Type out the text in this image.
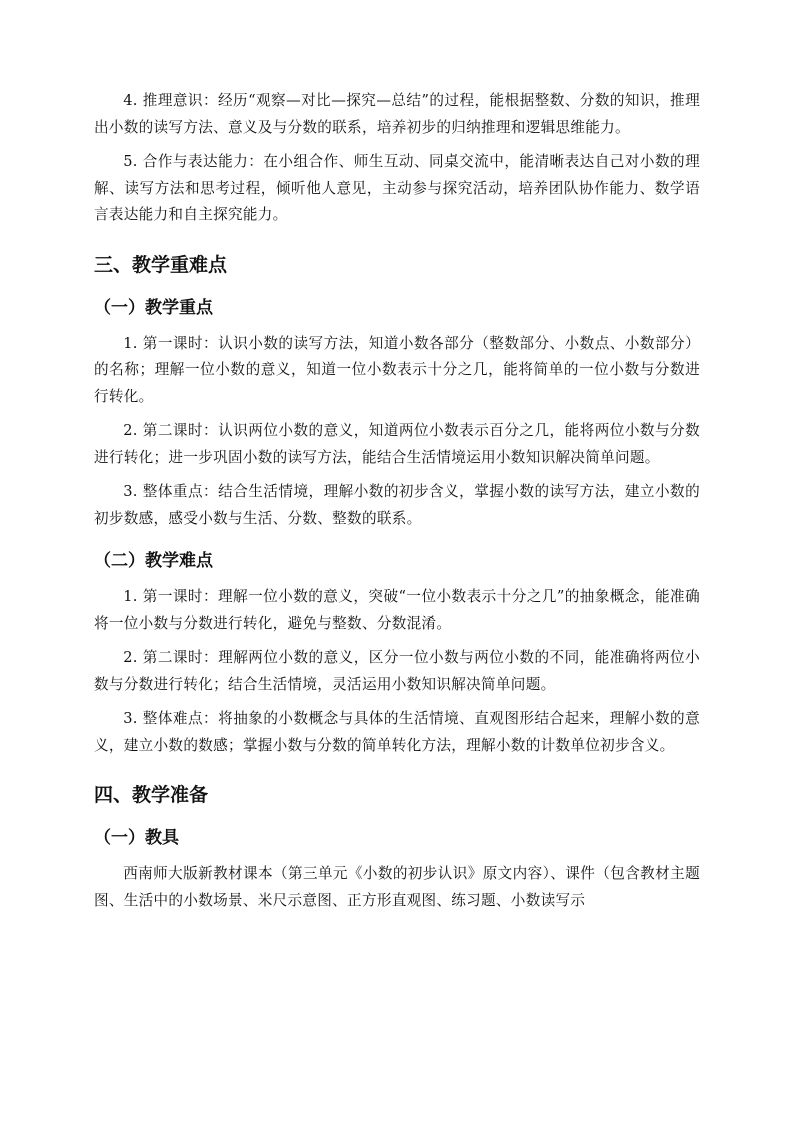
4. 推理意识：经历“观察—对比—探究—总结”的过程，能根据整数、分数的知识，推理出小数的读写方法、意义及与分数的联系，培养初步的归纳推理和逻辑思维能力。

5. 合作与表达能力：在小组合作、师生互动、同桌交流中，能清晰表达自己对小数的理解、读写方法和思考过程，倾听他人意见，主动参与探究活动，培养团队协作能力、数学语言表达能力和自主探究能力。

三、教学重难点
（一）教学重点

1. 第一课时：认识小数的读写方法，知道小数各部分（整数部分、小数点、小数部分）的名称；理解一位小数的意义，知道一位小数表示十分之几，能将简单的一位小数与分数进行转化。

2. 第二课时：认识两位小数的意义，知道两位小数表示百分之几，能将两位小数与分数进行转化；进一步巩固小数的读写方法，能结合生活情境运用小数知识解决简单问题。

3. 整体重点：结合生活情境，理解小数的初步含义，掌握小数的读写方法，建立小数的初步数感，感受小数与生活、分数、整数的联系。

（二）教学难点

1. 第一课时：理解一位小数的意义，突破“一位小数表示十分之几”的抽象概念，能准确将一位小数与分数进行转化，避免与整数、分数混淆。

2. 第二课时：理解两位小数的意义，区分一位小数与两位小数的不同，能准确将两位小数与分数进行转化；结合生活情境，灵活运用小数知识解决简单问题。

3. 整体难点：将抽象的小数概念与具体的生活情境、直观图形结合起来，理解小数的意义，建立小数的数感；掌握小数与分数的简单转化方法，理解小数的计数单位初步含义。

四、教学准备
（一）教具

西南师大版新教材课本（第三单元《小数的初步认识》原文内容）、课件（包含教材主题图、生活中的小数场景、米尺示意图、正方形直观图、练习题、小数读写示
